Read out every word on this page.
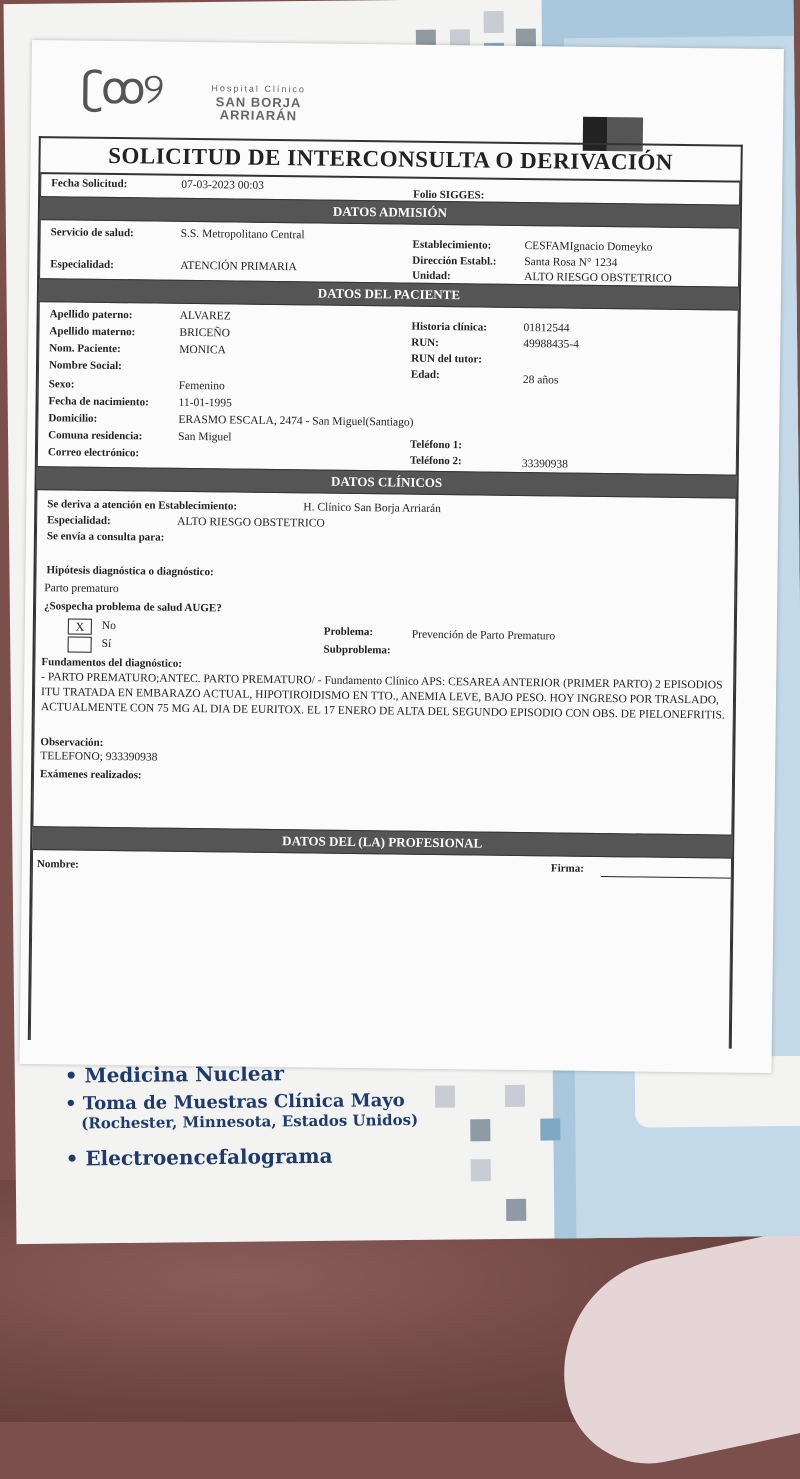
• Medicina Nuclear
• Toma de Muestras Clínica Mayo
(Rochester, Minnesota, Estados Unidos)
• Electroencefalograma
ʗꝏ୨	Hospital Clínico
SAN BORJA
ARRIARÁN
SOLICITUD DE INTERCONSULTA O DERIVACIÓN
Fecha Solicitud:	07-03-2023 00:03
Folio SIGGES:
DATOS ADMISIÓN
Servicio de salud:	S.S. Metropolitano Central
Especialidad:	ATENCIÓN PRIMARIA
Establecimiento:	CESFAMIgnacio Domeyko
Dirección Establ.: Santa Rosa N° 1234
Unidad:	ALTO RIESGO OBSTETRICO
DATOS DEL PACIENTE
Apellido paterno:	ALVAREZ
Apellido materno:	BRICEÑO
Nom. Paciente:	MONICA
Nombre Social:
Sexo:	Femenino
Fecha de nacimiento:	11-01-1995
Domicilio:	ERASMO ESCALA, 2474 - San Miguel(Santiago)
Comuna residencia:	San Miguel
Correo electrónico:
Historia clínica:	01812544
RUN:	49988435-4
RUN del tutor:
Edad:	28 años
Teléfono 1:
Teléfono 2:	33390938
DATOS CLÍNICOS
Se deriva a atención en Establecimiento:	H. Clínico San Borja Arriarán
Especialidad:	ALTO RIESGO OBSTETRICO
Se envía a consulta para:
Hipótesis diagnóstica o diagnóstico:
Parto prematuro
¿Sospecha problema de salud AUGE?
X	No
Sí
Problema:	Prevención de Parto Prematuro
Subproblema:
Fundamentos del diagnóstico:
- PARTO PREMATURO;ANTEC. PARTO PREMATURO/ - Fundamento Clínico APS: CESAREA ANTERIOR (PRIMER PARTO) 2 EPISODIOS ITU TRATADA EN EMBARAZO ACTUAL, HIPOTIROIDISMO EN TTO., ANEMIA LEVE, BAJO PESO. HOY INGRESO POR TRASLADO, ACTUALMENTE CON 75 MG AL DIA DE EURITOX. EL 17 ENERO DE ALTA DEL SEGUNDO EPISODIO CON OBS. DE PIELONEFRITIS.
Observación:
TELEFONO; 933390938
Exámenes realizados:
DATOS DEL (LA) PROFESIONAL
Nombre:	Firma:
